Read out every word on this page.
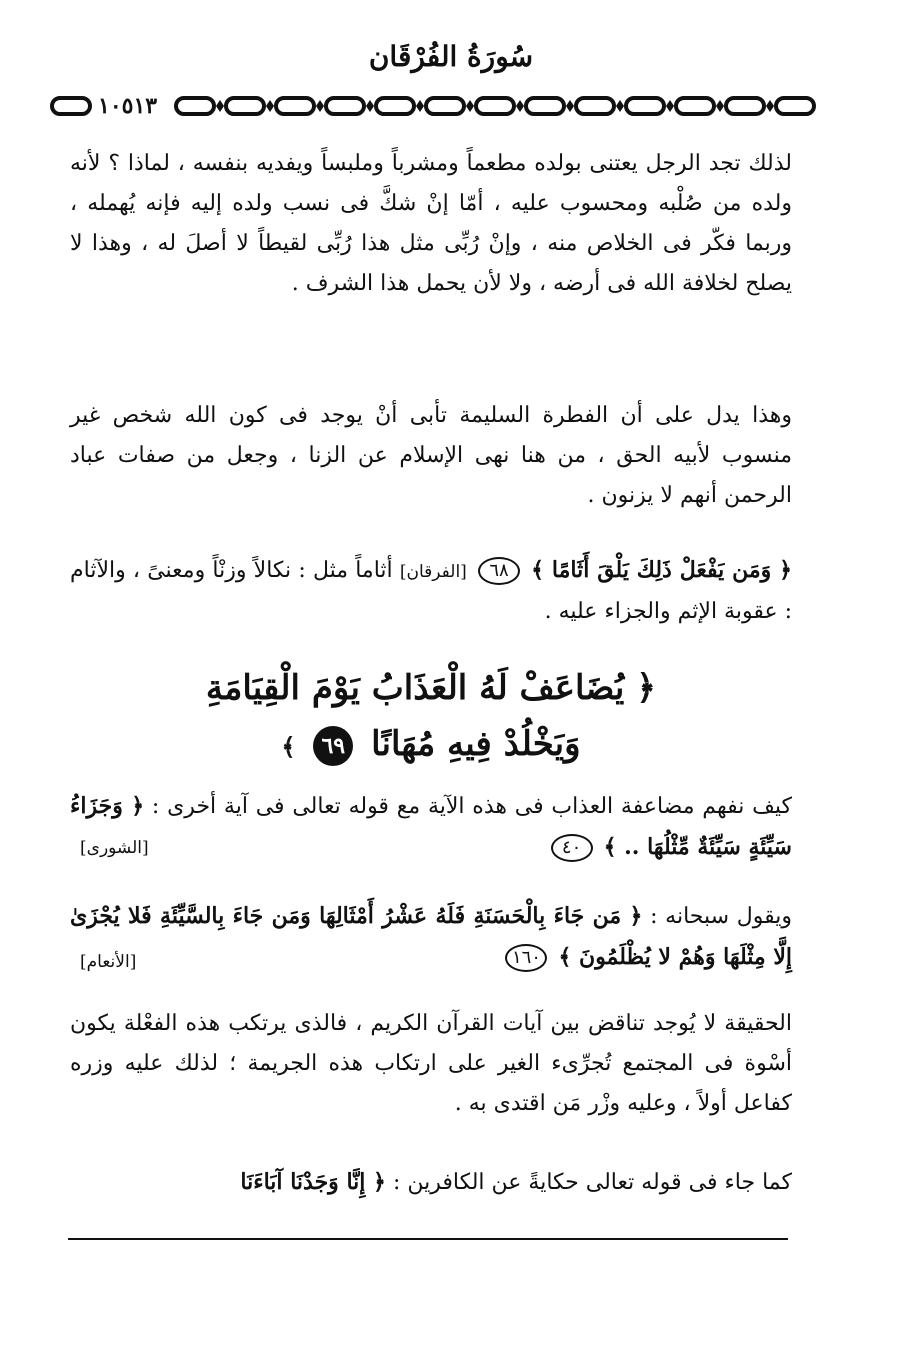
سُورَةُ الفُرْقَان
١٠٥١٣

لذلك تجد الرجل يعتنى بولده مطعماً ومشرباً وملبساً ويفديه بنفسه ، لماذا ؟ لأنه ولده من صُلْبه ومحسوب عليه ، أمّا إنْ شكَّ فى نسب ولده إليه فإنه يُهمله ، وربما فكّر فى الخلاص منه ، وإنْ رُبِّى مثل هذا رُبِّى لقيطاً لا أصلَ له ، وهذا لا يصلح لخلافة الله فى أرضه ، ولا لأن يحمل هذا الشرف .

وهذا يدل على أن الفطرة السليمة تأبى أنْ يوجد فى كون الله شخص غير منسوب لأبيه الحق ، من هنا نهى الإسلام عن الزنا ، وجعل من صفات عباد الرحمن أنهم لا يزنون .

﴿ وَمَن يَفْعَلْ ذَلِكَ يَلْقَ أَثَامًا ﴾ ٦٨ [الفرقان] أثاماً مثل : نكالاً وزنْاً ومعنىً ، والآثام : عقوبة الإثم والجزاء عليه .

﴿ يُضَاعَفْ لَهُ الْعَذَابُ يَوْمَ الْقِيَامَةِ
وَيَخْلُدْ فِيهِ مُهَانًا ٦٩ ﴾

كيف نفهم مضاعفة العذاب فى هذه الآية مع قوله تعالى فى آية أخرى : ﴿ وَجَزَاءُ سَيِّئَةٍ سَيِّئَةٌ مِّثْلُهَا .. ﴾ ٤٠

[الشورى]

ويقول سبحانه : ﴿ مَن جَاءَ بِالْحَسَنَةِ فَلَهُ عَشْرُ أَمْثَالِهَا وَمَن جَاءَ بِالسَّيِّئَةِ فَلا يُجْزَىٰ إِلَّا مِثْلَهَا وَهُمْ لا يُظْلَمُونَ ﴾ ١٦٠

[الأنعام]

الحقيقة لا يُوجد تناقض بين آيات القرآن الكريم ، فالذى يرتكب هذه الفعْلة يكون أسْوة فى المجتمع تُجرِّىء الغير على ارتكاب هذه الجريمة ؛ لذلك عليه وزره كفاعل أولاً ، وعليه وزْر مَن اقتدى به .

كما جاء فى قوله تعالى حكايةً عن الكافرين : ﴿ إِنَّا وَجَدْنَا آبَاءَنَا
